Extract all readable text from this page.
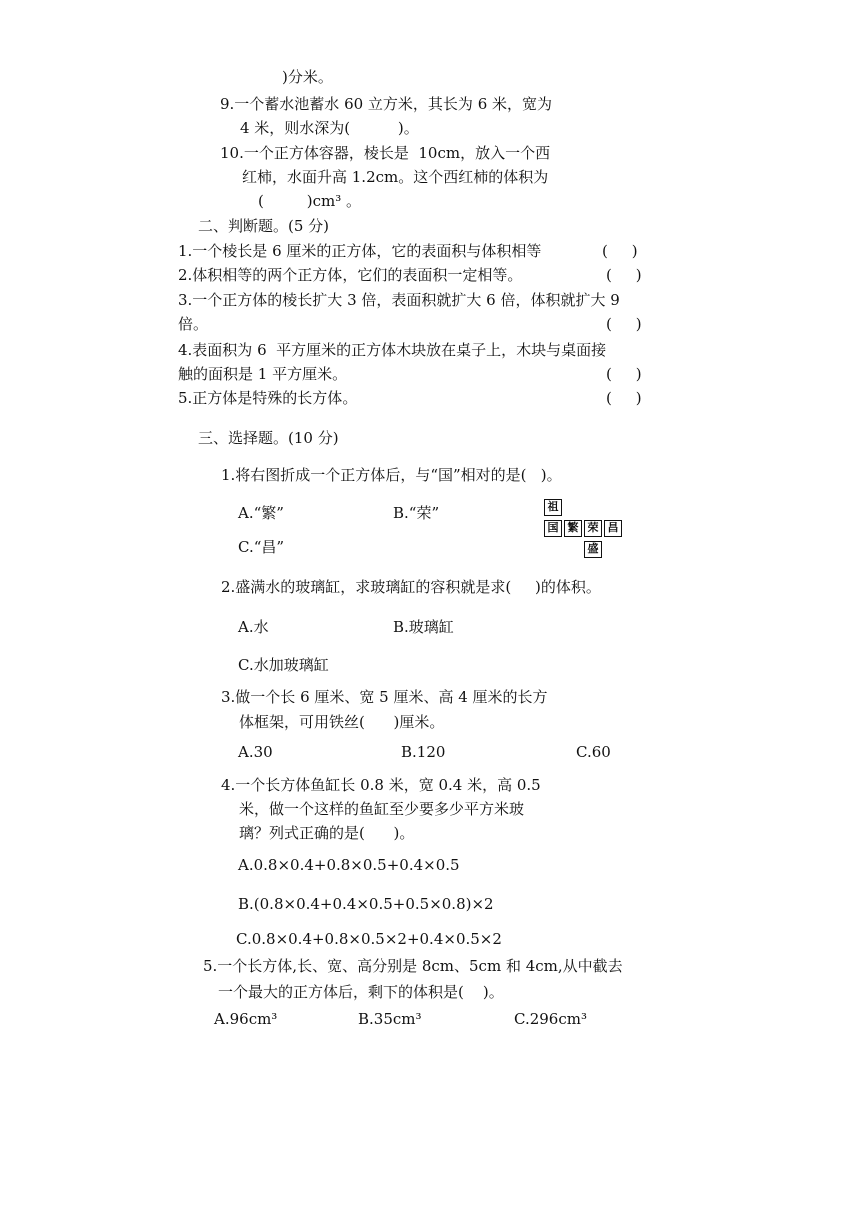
)分米。
9.一个蓄水池蓄水 60 立方米，其长为 6 米，宽为
4 米，则水深为(          )。
10.一个正方体容器，棱长是  10cm，放入一个西
红柿，水面升高 1.2cm。这个西红柿的体积为
(         )cm³ 。
二、判断题。(5 分)
1.一个棱长是 6 厘米的正方体，它的表面积与体积相等	(     )
2.体积相等的两个正方体，它们的表面积一定相等。	(     )
3.一个正方体的棱长扩大 3 倍，表面积就扩大 6 倍，体积就扩大 9
倍。	(     )
4.表面积为 6  平方厘米的正方体木块放在桌子上，木块与桌面接
触的面积是 1 平方厘米。	(     )
5.正方体是特殊的长方体。	(     )
三、选择题。(10 分)
1.将右图折成一个正方体后，与“国”相对的是(   )。
A.“繁”	B.“荣”
C.“昌”
祖
国 繁 荣 昌
盛
2.盛满水的玻璃缸，求玻璃缸的容积就是求(     )的体积。
A.水	B.玻璃缸
C.水加玻璃缸
3.做一个长 6 厘米、宽 5 厘米、高 4 厘米的长方
体框架，可用铁丝(      )厘米。
A.30	B.120	C.60
4.一个长方体鱼缸长 0.8 米，宽 0.4 米，高 0.5
米，做一个这样的鱼缸至少要多少平方米玻
璃？列式正确的是(      )。
A.0.8×0.4+0.8×0.5+0.4×0.5
B.(0.8×0.4+0.4×0.5+0.5×0.8)×2
C.0.8×0.4+0.8×0.5×2+0.4×0.5×2
5.一个长方体,长、宽、高分别是 8cm、5cm 和 4cm,从中截去
一个最大的正方体后，剩下的体积是(    )。
A.96cm³	B.35cm³	C.296cm³
